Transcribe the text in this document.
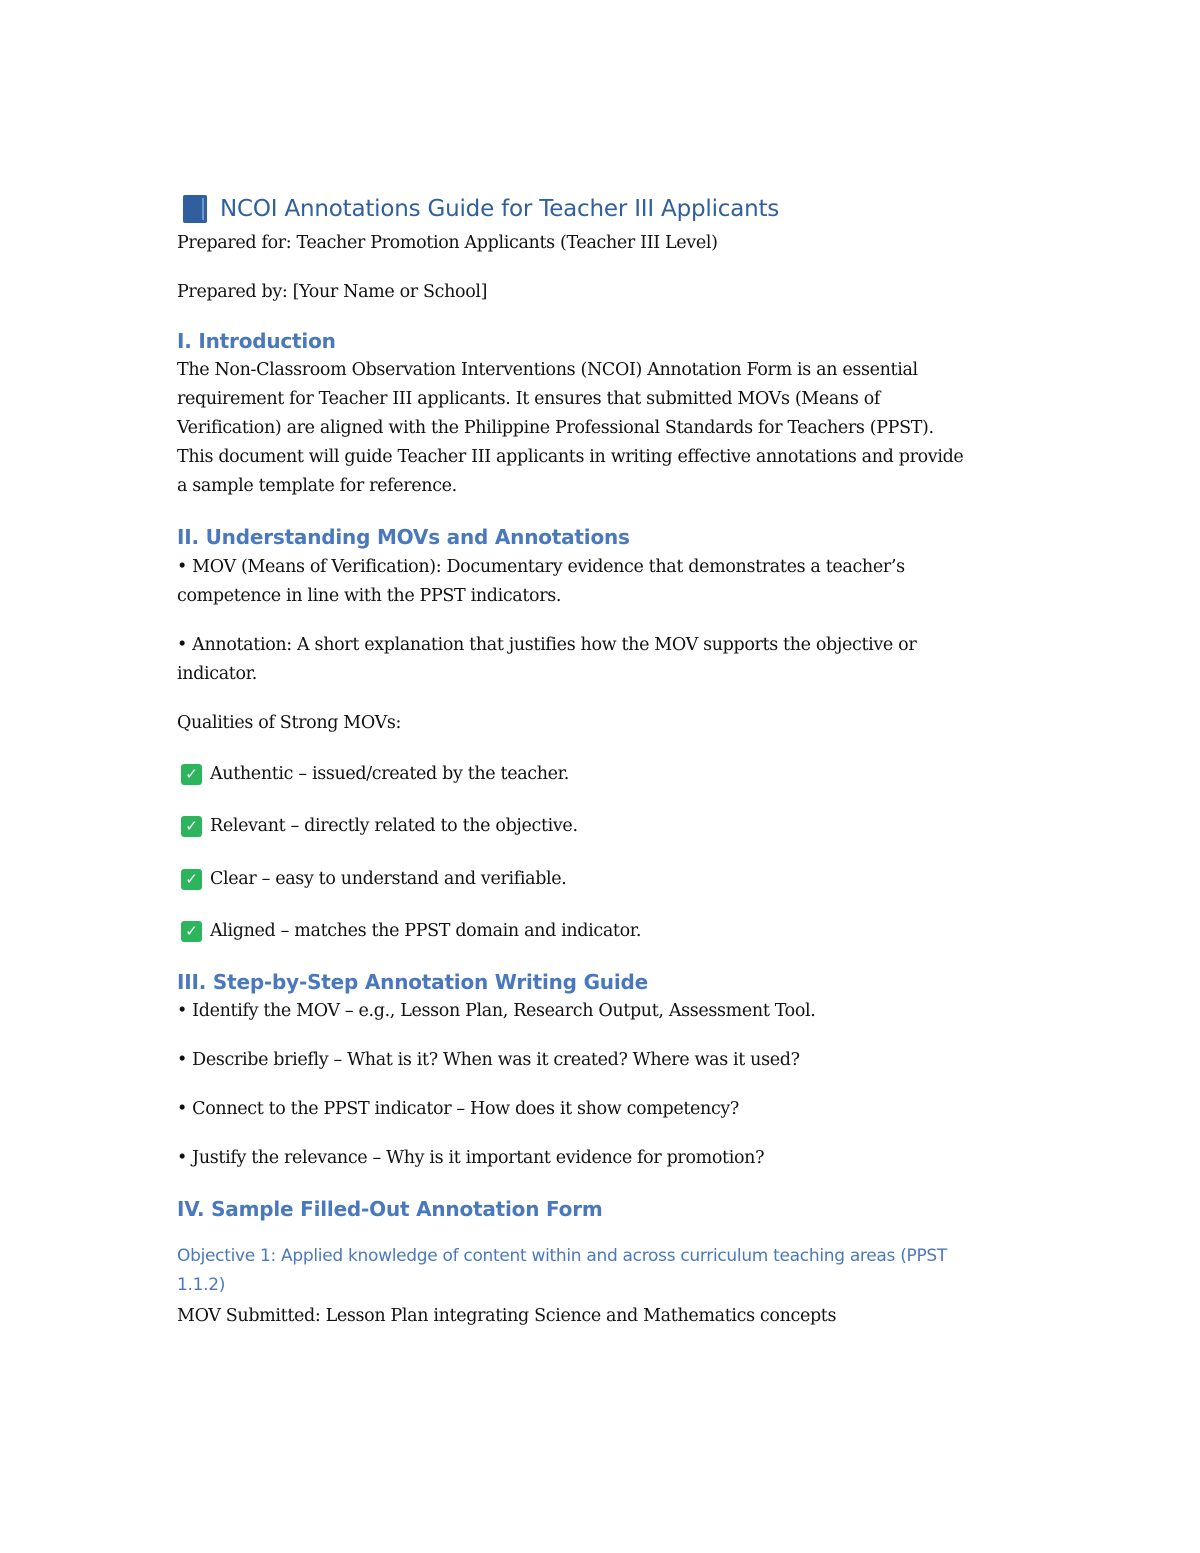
NCOI Annotations Guide for Teacher III Applicants

Prepared for: Teacher Promotion Applicants (Teacher III Level)

Prepared by: [Your Name or School]

I. Introduction

The Non-Classroom Observation Interventions (NCOI) Annotation Form is an essential

requirement for Teacher III applicants. It ensures that submitted MOVs (Means of

Verification) are aligned with the Philippine Professional Standards for Teachers (PPST).

This document will guide Teacher III applicants in writing effective annotations and provide

a sample template for reference.

II. Understanding MOVs and Annotations

• MOV (Means of Verification): Documentary evidence that demonstrates a teacher’s

competence in line with the PPST indicators.

• Annotation: A short explanation that justifies how the MOV supports the objective or

indicator.

Qualities of Strong MOVs:

✓ Authentic – issued/created by the teacher.
✓ Relevant – directly related to the objective.
✓ Clear – easy to understand and verifiable.
✓ Aligned – matches the PPST domain and indicator.
III. Step-by-Step Annotation Writing Guide

• Identify the MOV – e.g., Lesson Plan, Research Output, Assessment Tool.

• Describe briefly – What is it? When was it created? Where was it used?

• Connect to the PPST indicator – How does it show competency?

• Justify the relevance – Why is it important evidence for promotion?

IV. Sample Filled-Out Annotation Form

Objective 1: Applied knowledge of content within and across curriculum teaching areas (PPST

1.1.2)

MOV Submitted: Lesson Plan integrating Science and Mathematics concepts
